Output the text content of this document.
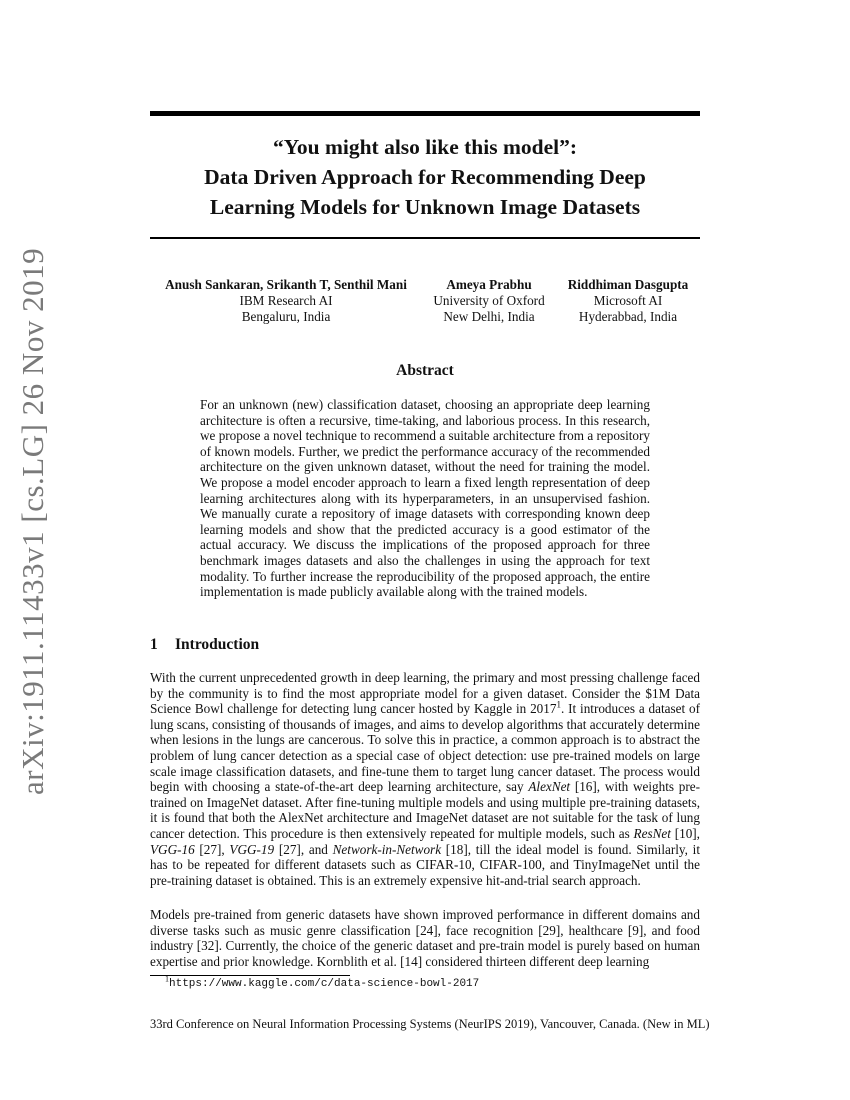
arXiv:1911.11433v1 [cs.LG] 26 Nov 2019
“You might also like this model”:
Data Driven Approach for Recommending Deep
Learning Models for Unknown Image Datasets
Anush Sankaran, Srikanth T, Senthil Mani
IBM Research AI
Bengaluru, India
Ameya Prabhu
University of Oxford
New Delhi, India
Riddhiman Dasgupta
Microsoft AI
Hyderabbad, India
Abstract
For an unknown (new) classification dataset, choosing an appropriate deep learning architecture is often a recursive, time-taking, and laborious process. In this research, we propose a novel technique to recommend a suitable architecture from a repository of known models. Further, we predict the performance accuracy of the recommended architecture on the given unknown dataset, without the need for training the model. We propose a model encoder approach to learn a fixed length representation of deep learning architectures along with its hyperparameters, in an unsupervised fashion. We manually curate a repository of image datasets with corresponding known deep learning models and show that the predicted accuracy is a good estimator of the actual accuracy. We discuss the implications of the proposed approach for three benchmark images datasets and also the challenges in using the approach for text modality. To further increase the reproducibility of the proposed approach, the entire implementation is made publicly available along with the trained models.
1 Introduction
With the current unprecedented growth in deep learning, the primary and most pressing challenge faced by the community is to find the most appropriate model for a given dataset. Consider the $1M Data Science Bowl challenge for detecting lung cancer hosted by Kaggle in 2017$^1$. It introduces a dataset of lung scans, consisting of thousands of images, and aims to develop algorithms that accurately determine when lesions in the lungs are cancerous. To solve this in practice, a common approach is to abstract the problem of lung cancer detection as a special case of object detection: use pre-trained models on large scale image classification datasets, and fine-tune them to target lung cancer dataset. The process would begin with choosing a state-of-the-art deep learning architecture, say AlexNet [16], with weights pre-trained on ImageNet dataset. After fine-tuning multiple models and using multiple pre-training datasets, it is found that both the AlexNet architecture and ImageNet dataset are not suitable for the task of lung cancer detection. This procedure is then extensively repeated for multiple models, such as ResNet [10], VGG-16 [27], VGG-19 [27], and Network-in-Network [18], till the ideal model is found. Similarly, it has to be repeated for different datasets such as CIFAR-10, CIFAR-100, and TinyImageNet until the pre-training dataset is obtained. This is an extremely expensive hit-and-trial search approach.
Models pre-trained from generic datasets have shown improved performance in different domains and diverse tasks such as music genre classification [24], face recognition [29], healthcare [9], and food industry [32]. Currently, the choice of the generic dataset and pre-train model is purely based on human expertise and prior knowledge. Kornblith et al. [14] considered thirteen different deep learning
$^1$https://www.kaggle.com/c/data-science-bowl-2017
33rd Conference on Neural Information Processing Systems (NeurIPS 2019), Vancouver, Canada. (New in ML)
